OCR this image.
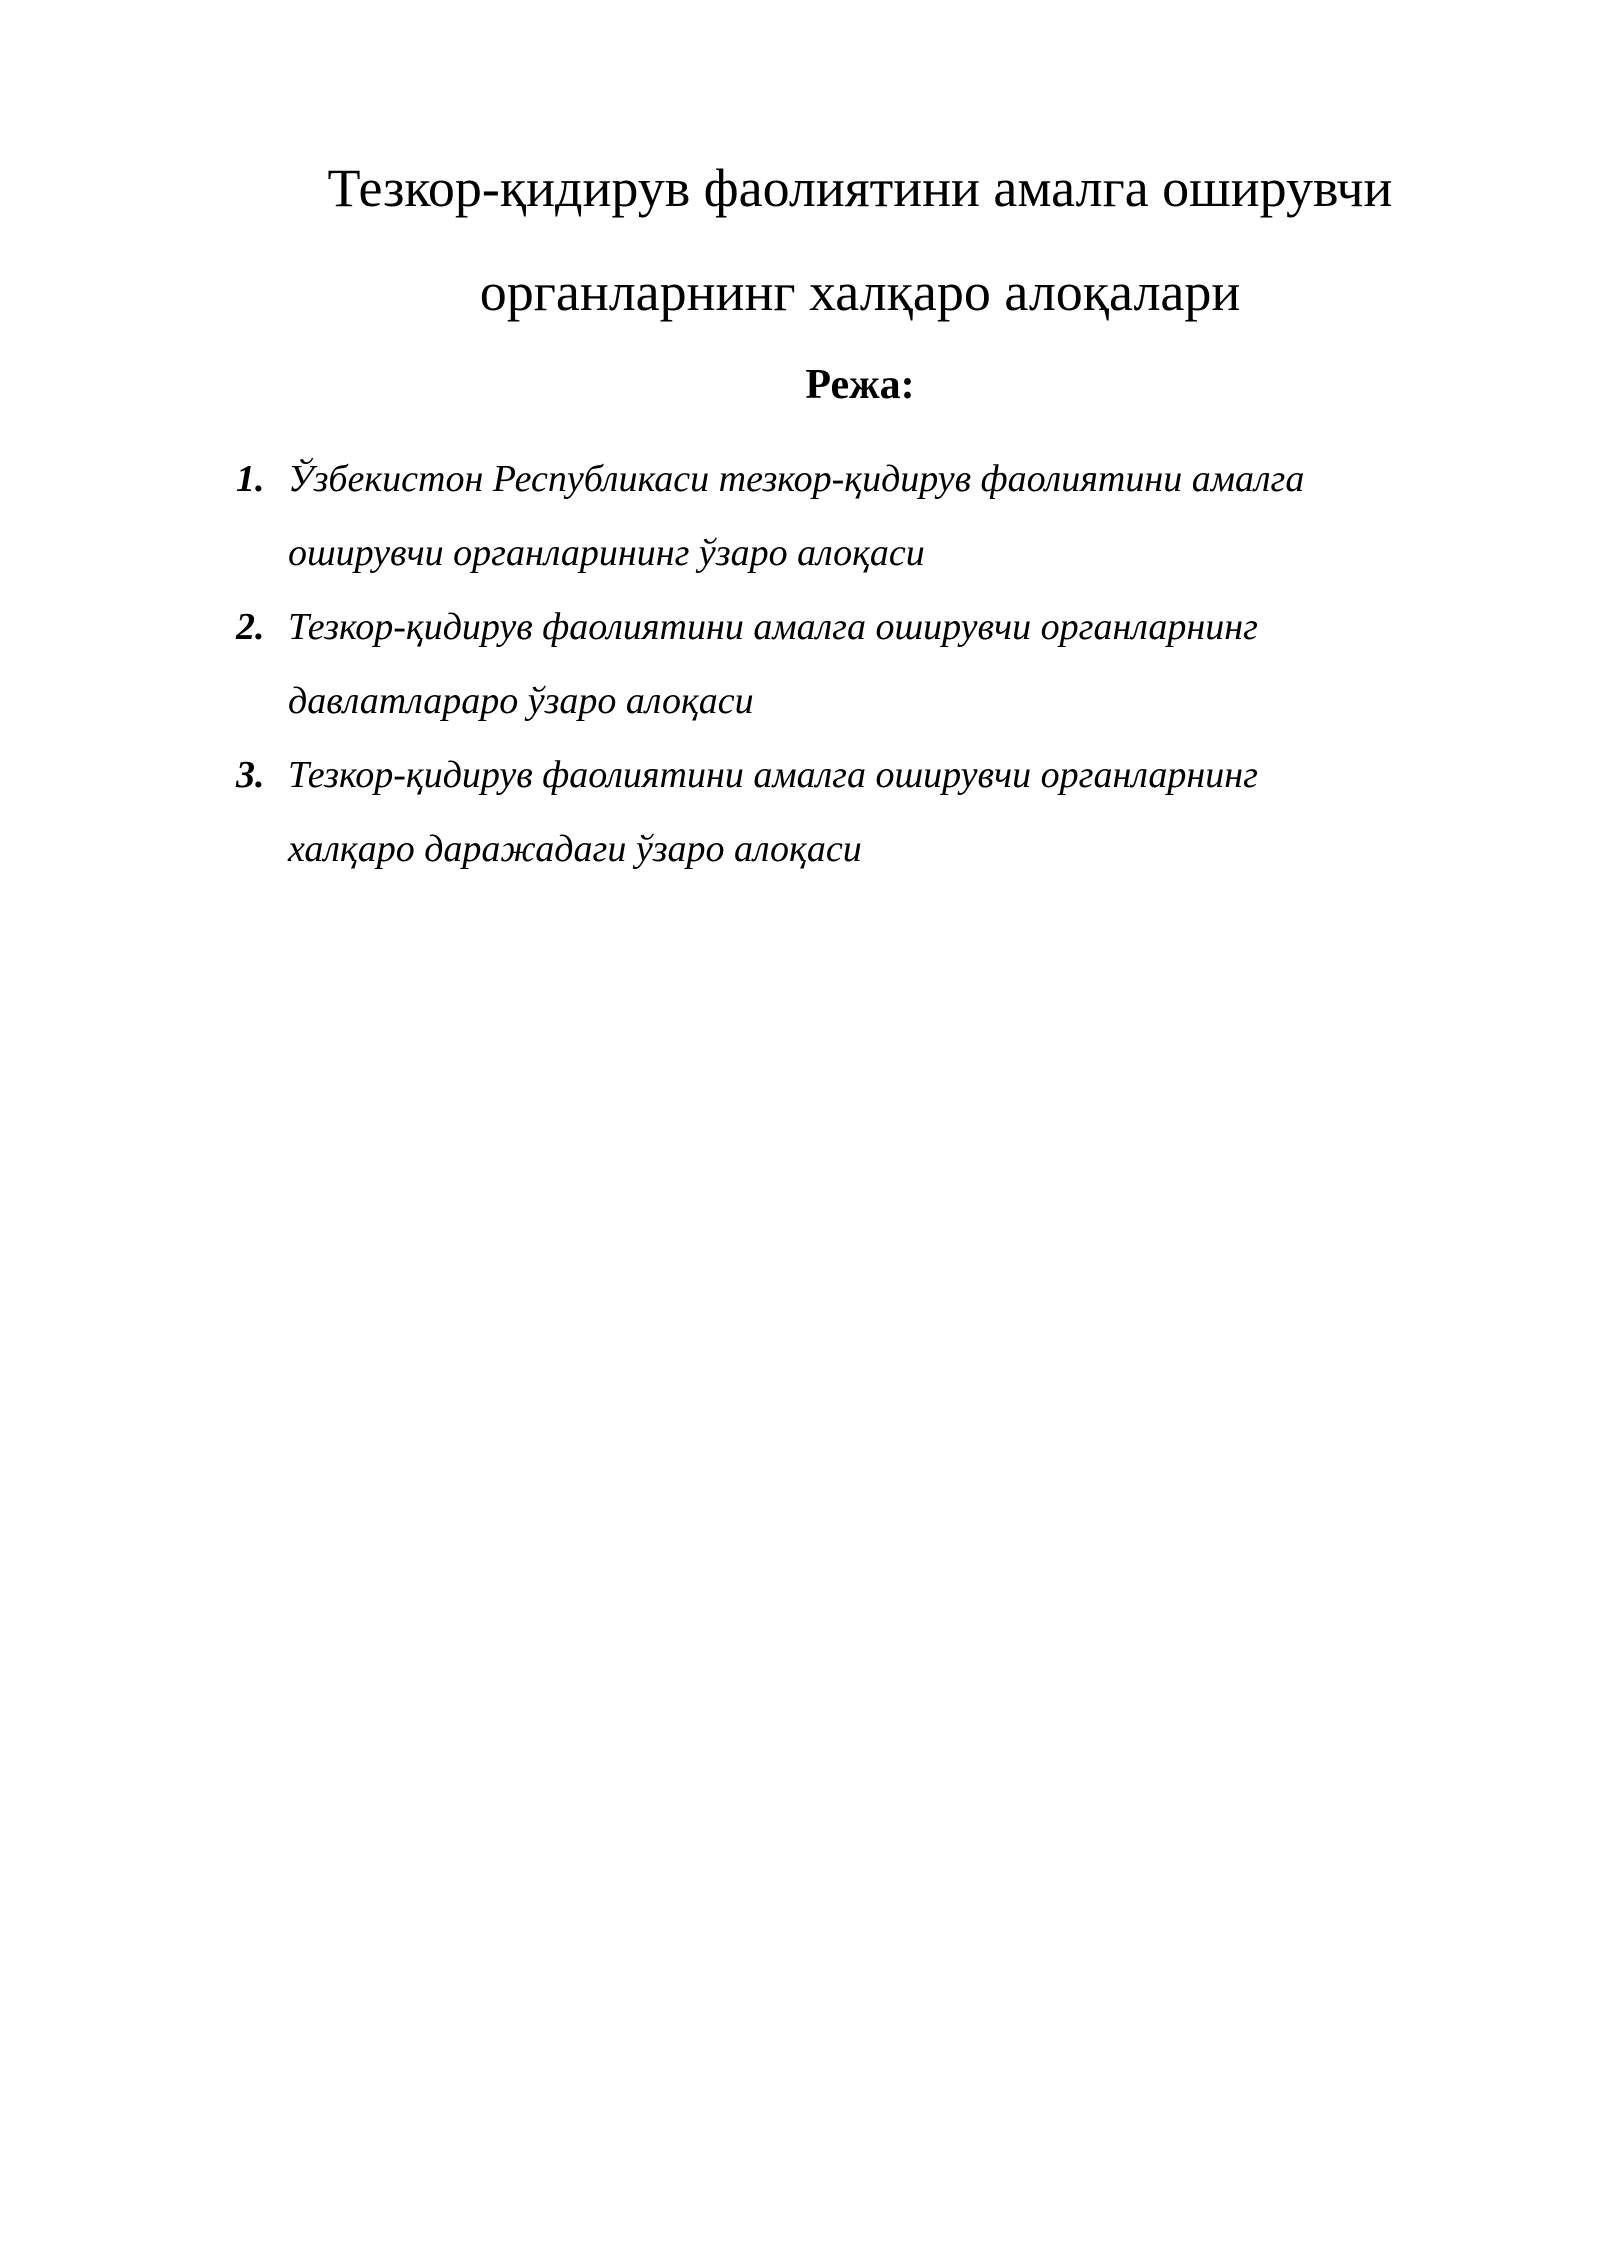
Тезкор-қидирув фаолиятини амалга оширувчи
органларнинг халқаро алоқалари
Режа:
1. Ўзбекистон Республикаси тезкор-қидирув фаолиятини амалга
оширувчи органларининг ўзаро алоқаси
2. Тезкор-қидирув фаолиятини амалга оширувчи органларнинг
давлатлараро ўзаро алоқаси
3. Тезкор-қидирув фаолиятини амалга оширувчи органларнинг
халқаро даражадаги ўзаро алоқаси
